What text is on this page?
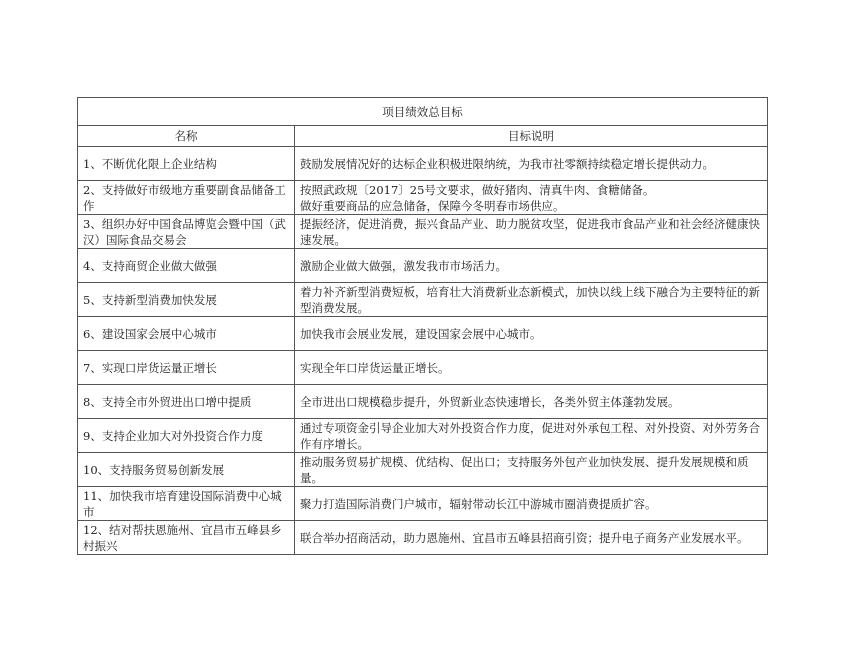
项目绩效总目标	
名称	目标说明
1、不断优化限上企业结构	鼓励发展情况好的达标企业积极进限纳统，为我市社零额持续稳定增长提供动力。
2、支持做好市级地方重要副食品储备工作	按照武政规〔2017〕25号文要求，做好猪肉、清真牛肉、食糖储备。
做好重要商品的应急储备，保障今冬明春市场供应。
3、组织办好中国食品博览会暨中国（武汉）国际食品交易会	提振经济，促进消费，振兴食品产业、助力脱贫攻坚，促进我市食品产业和社会经济健康快速发展。
4、支持商贸企业做大做强	激励企业做大做强，激发我市市场活力。
5、支持新型消费加快发展	着力补齐新型消费短板，培育壮大消费新业态新模式，加快以线上线下融合为主要特征的新型消费发展。
6、建设国家会展中心城市	加快我市会展业发展，建设国家会展中心城市。
7、实现口岸货运量正增长	实现全年口岸货运量正增长。
8、支持全市外贸进出口增中提质	全市进出口规模稳步提升，外贸新业态快速增长，各类外贸主体蓬勃发展。
9、支持企业加大对外投资合作力度	通过专项资金引导企业加大对外投资合作力度，促进对外承包工程、对外投资、对外劳务合作有序增长。
10、支持服务贸易创新发展	推动服务贸易扩规模、优结构、促出口；支持服务外包产业加快发展、提升发展规模和质量。
11、加快我市培育建设国际消费中心城市	聚力打造国际消费门户城市，辐射带动长江中游城市圈消费提质扩容。
12、结对帮扶恩施州、宜昌市五峰县乡村振兴	联合举办招商活动，助力恩施州、宜昌市五峰县招商引资；提升电子商务产业发展水平。
